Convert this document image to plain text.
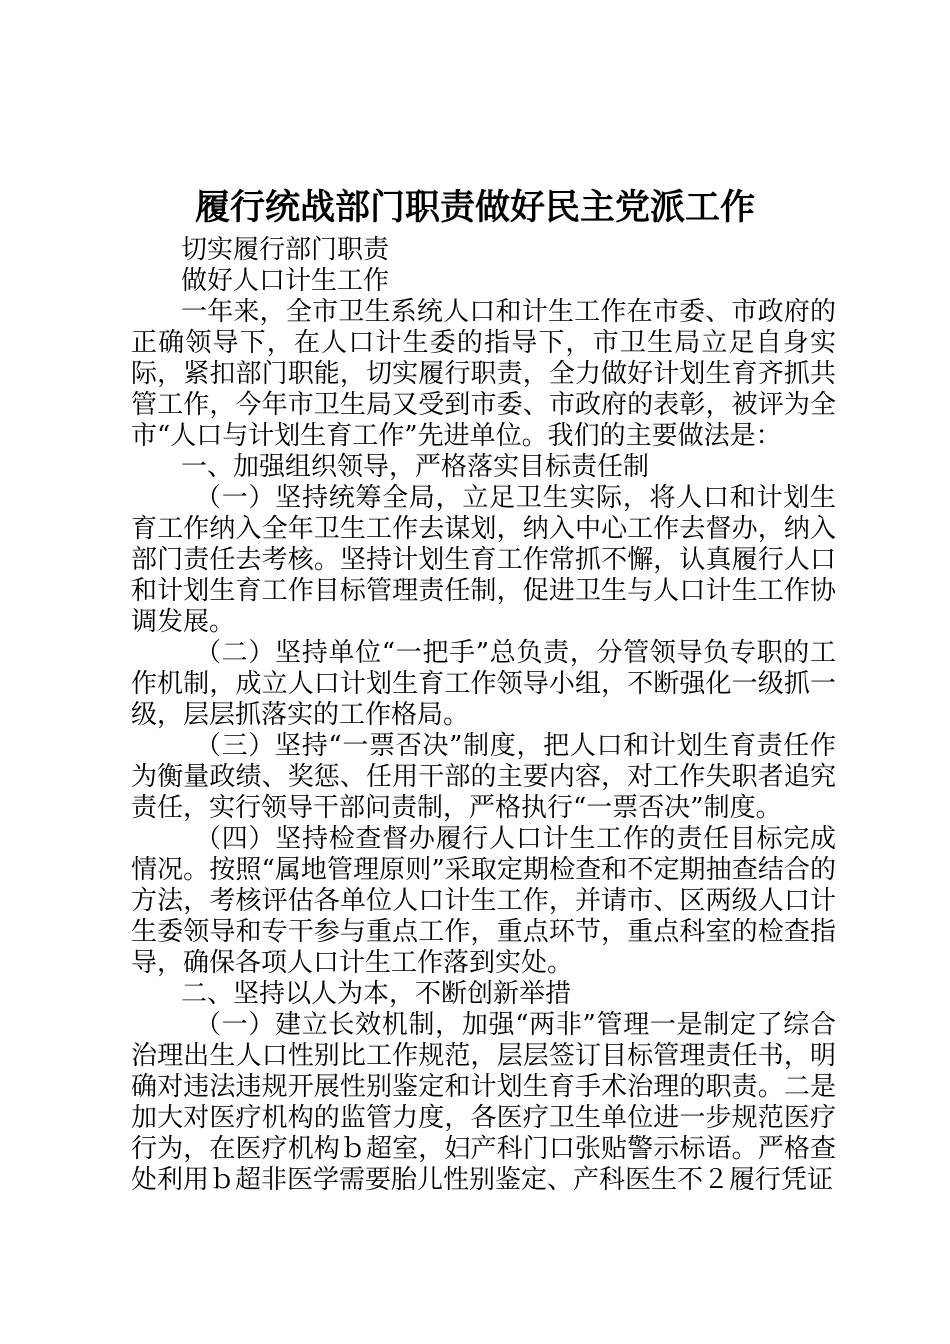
履行统战部门职责做好民主党派工作

切实履行部门职责

做好人口计生工作

一年来，全市卫生系统人口和计生工作在市委、市政府的正确领导下，在人口计生委的指导下，市卫生局立足自身实际，紧扣部门职能，切实履行职责，全力做好计划生育齐抓共管工作，今年市卫生局又受到市委、市政府的表彰，被评为全市“人口与计划生育工作”先进单位。我们的主要做法是：

一、加强组织领导，严格落实目标责任制

（一）坚持统筹全局，立足卫生实际，将人口和计划生育工作纳入全年卫生工作去谋划，纳入中心工作去督办，纳入部门责任去考核。坚持计划生育工作常抓不懈，认真履行人口和计划生育工作目标管理责任制，促进卫生与人口计生工作协调发展。

（二）坚持单位“一把手”总负责，分管领导负专职的工作机制，成立人口计划生育工作领导小组，不断强化一级抓一级，层层抓落实的工作格局。

（三）坚持“一票否决”制度，把人口和计划生育责任作为衡量政绩、奖惩、任用干部的主要内容，对工作失职者追究责任，实行领导干部问责制，严格执行“一票否决”制度。

（四）坚持检查督办履行人口计生工作的责任目标完成情况。按照“属地管理原则”采取定期检查和不定期抽查结合的方法，考核评估各单位人口计生工作，并请市、区两级人口计生委领导和专干参与重点工作，重点环节，重点科室的检查指导，确保各项人口计生工作落到实处。

二、坚持以人为本，不断创新举措

（一）建立长效机制，加强“两非”管理一是制定了综合治理出生人口性别比工作规范，层层签订目标管理责任书，明确对违法违规开展性别鉴定和计划生育手术治理的职责。二是加大对医疗机构的监管力度，各医疗卫生单位进一步规范医疗行为，在医疗机构ｂ超室，妇产科门口张贴警示标语。严格查处利用ｂ超非医学需要胎儿性别鉴定、产科医生不２履行凭证
